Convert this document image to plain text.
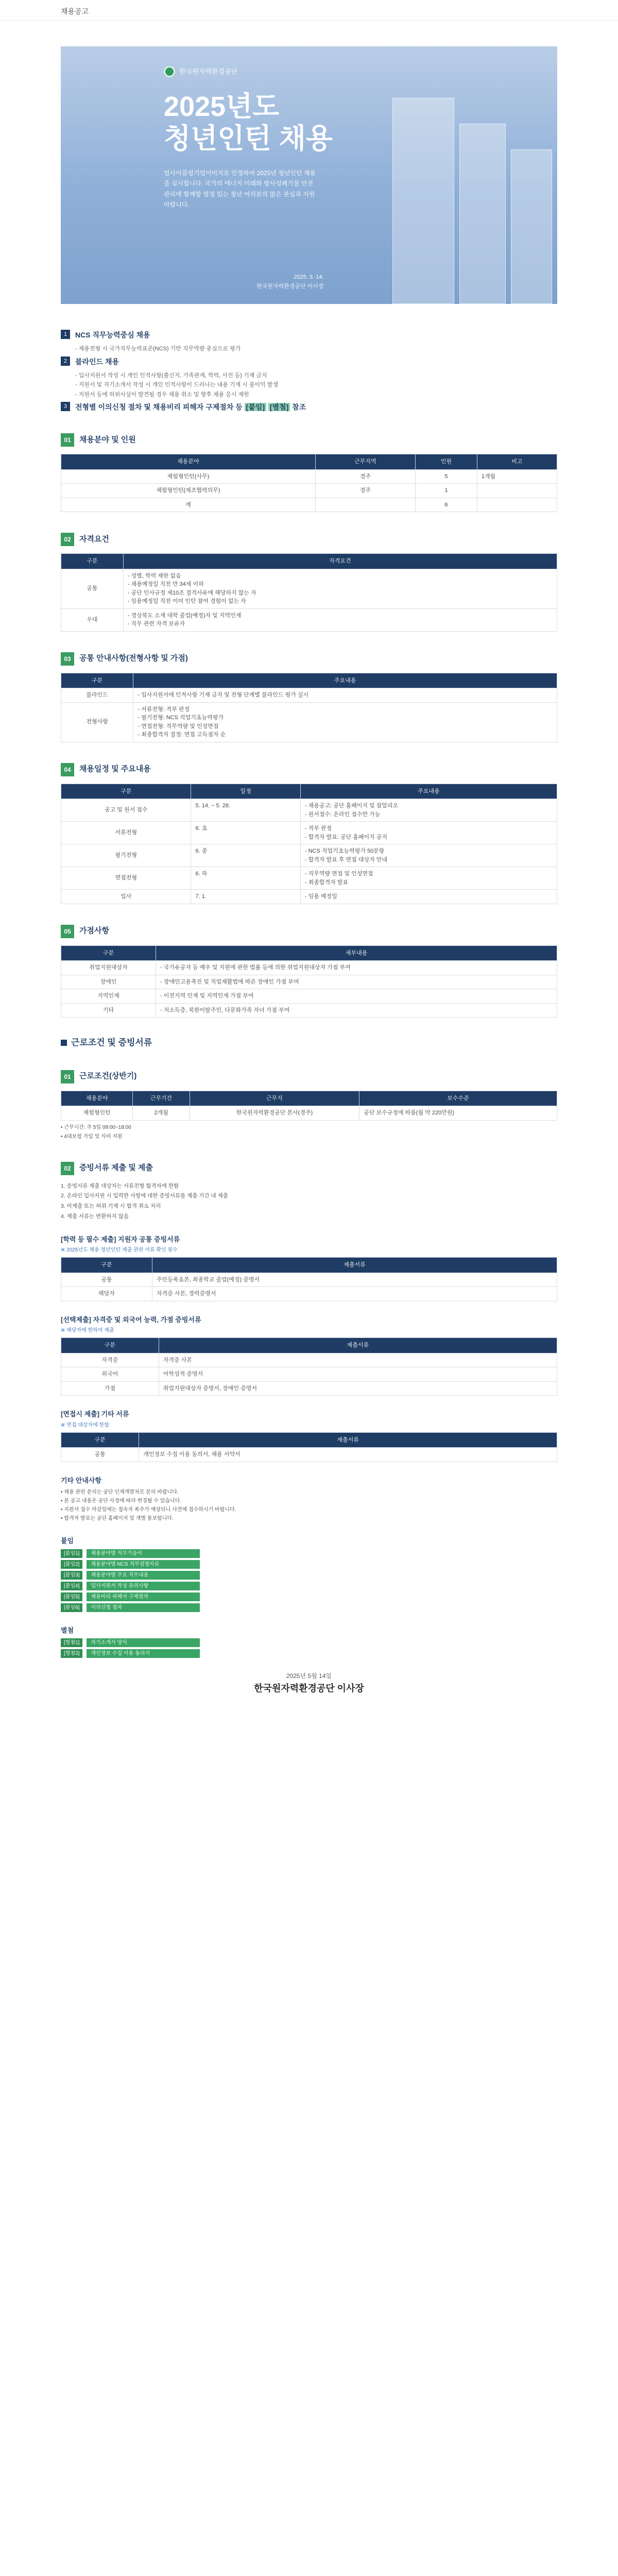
채용공고
한국원자력환경공단
2025년도
청년인턴 채용
업사이클링기업이미지로 인정하여 2025년 청년인턴 채용을 실시합니다. 국가의 에너지 미래와 방사성폐기물 안전관리에 함께할 열정 있는 청년 여러분의 많은 관심과 지원 바랍니다.
2025. 5. 14.
한국원자력환경공단 이사장
1	NCS 직무능력중심 채용

- 채용전형 시 국가직무능력표준(NCS) 기반 직무역량 중심으로 평가

2	블라인드 채용

- 입사지원서 작성 시 개인 인적사항(출신지, 가족관계, 학력, 사진 등) 기재 금지

- 지원서 및 자기소개서 작성 시 개인 인적사항이 드러나는 내용 기재 시 불이익 발생

- 지원서 등에 허위사실이 발견될 경우 채용 취소 및 향후 채용 응시 제한

3	전형별 이의신청 절차 및 채용비리 피해자 구제절차 등 [붙임] [별첨] 참조
01	채용분야 및 인원
채용분야	근무지역	인원	비고
체험형인턴(사무)	경주	5	1개월
체험형인턴(제조협력의무)	경주	1	
계		6	
02	자격요건
구분	자격요건
공통	- 성별, 학력 제한 없음
- 채용예정일 직전 만 34세 이하
- 공단 인사규정 제10조 결격사유에 해당하지 않는 자
- 임용예정일 직전 이미 인턴 참여 경험이 없는 자
우대	- 경상북도 소재 대학 졸업(예정)자 및 지역인재
- 직무 관련 자격 보유자
03	공통 안내사항(전형사항 및 가점)
구분	주요내용
블라인드	- 입사지원서에 인적사항 기재 금지 및 전형 단계별 블라인드 평가 실시
전형사항	- 서류전형: 적부 판정
- 필기전형: NCS 직업기초능력평가
- 면접전형: 직무역량 및 인성면접
- 최종합격자 결정: 면접 고득점자 순
04	채용일정 및 주요내용
구분	일정	주요내용
공고 및 원서 접수	5. 14. ~ 5. 28.	- 채용공고: 공단 홈페이지 및 잡알리오
- 원서접수: 온라인 접수만 가능
서류전형	6. 초	- 적부 판정
- 합격자 발표: 공단 홈페이지 공지
필기전형	6. 중	- NCS 직업기초능력평가 50문항
- 합격자 발표 후 면접 대상자 안내
면접전형	6. 하	- 직무역량 면접 및 인성면접
- 최종합격자 발표
입사	7. 1.	- 임용 예정일
05	가점사항
구분	세부내용
취업지원대상자	- 국가유공자 등 예우 및 지원에 관한 법률 등에 의한 취업지원대상자 가점 부여
장애인	- 장애인고용촉진 및 직업재활법에 따른 장애인 가점 부여
지역인재	- 이전지역 인재 및 지역인재 가점 부여
기타	- 저소득층, 북한이탈주민, 다문화가족 자녀 가점 부여
근로조건 및 증빙서류
01	근로조건(상반기)
채용분야	근무기간	근무지	보수수준
체험형인턴	2개월	한국원자력환경공단 본사(경주)	공단 보수규정에 따름(월 약 220만원)

• 근무시간: 주 5일 09:00~18:00

• 4대보험 가입 및 식비 지원

02	증빙서류 제출 및 제출

1. 증빙서류 제출 대상자는 서류전형 합격자에 한함

2. 온라인 입사지원 시 입력한 사항에 대한 증빙서류를 제출 기간 내 제출

3. 미제출 또는 허위 기재 시 합격 취소 처리

4. 제출 서류는 반환하지 않음

[학력 등 필수 제출] 지원자 공통 증빙서류
※ 2025년도 채용 청년인턴 제출 관련 서류 확인 필수
구분	제출서류
공통	주민등록초본, 최종학교 졸업(예정) 증명서
해당자	자격증 사본, 경력증명서
[선택제출] 자격증 및 외국어 능력, 가점 증빙서류
※ 해당자에 한하여 제출
구분	제출서류
자격증	자격증 사본
외국어	어학성적 증명서
가점	취업지원대상자 증명서, 장애인 증명서
[면접시 제출] 기타 서류
※ 면접 대상자에 한함
구분	제출서류
공통	개인정보 수집 이용 동의서, 채용 서약서
기타 안내사항

• 채용 관련 문의는 공단 인재개발처로 문의 바랍니다.

• 본 공고 내용은 공단 사정에 따라 변경될 수 있습니다.

• 지원서 접수 마감일에는 접속자 폭주가 예상되니 사전에 접수하시기 바랍니다.

• 합격자 발표는 공단 홈페이지 및 개별 통보합니다.

붙임
[붙임1]	채용분야별 직무기술서
[붙임2]	채용분야별 NCS 직무설명자료
[붙임3]	채용분야별 주요 직무내용
[붙임4]	입사지원서 작성 유의사항
[붙임5]	채용비리 피해자 구제절차
[붙임6]	이의신청 절차
별첨
[별첨1]	자기소개서 양식
[별첨2]	개인정보 수집 이용 동의서
2025년 5월 14일
한국원자력환경공단 이사장
